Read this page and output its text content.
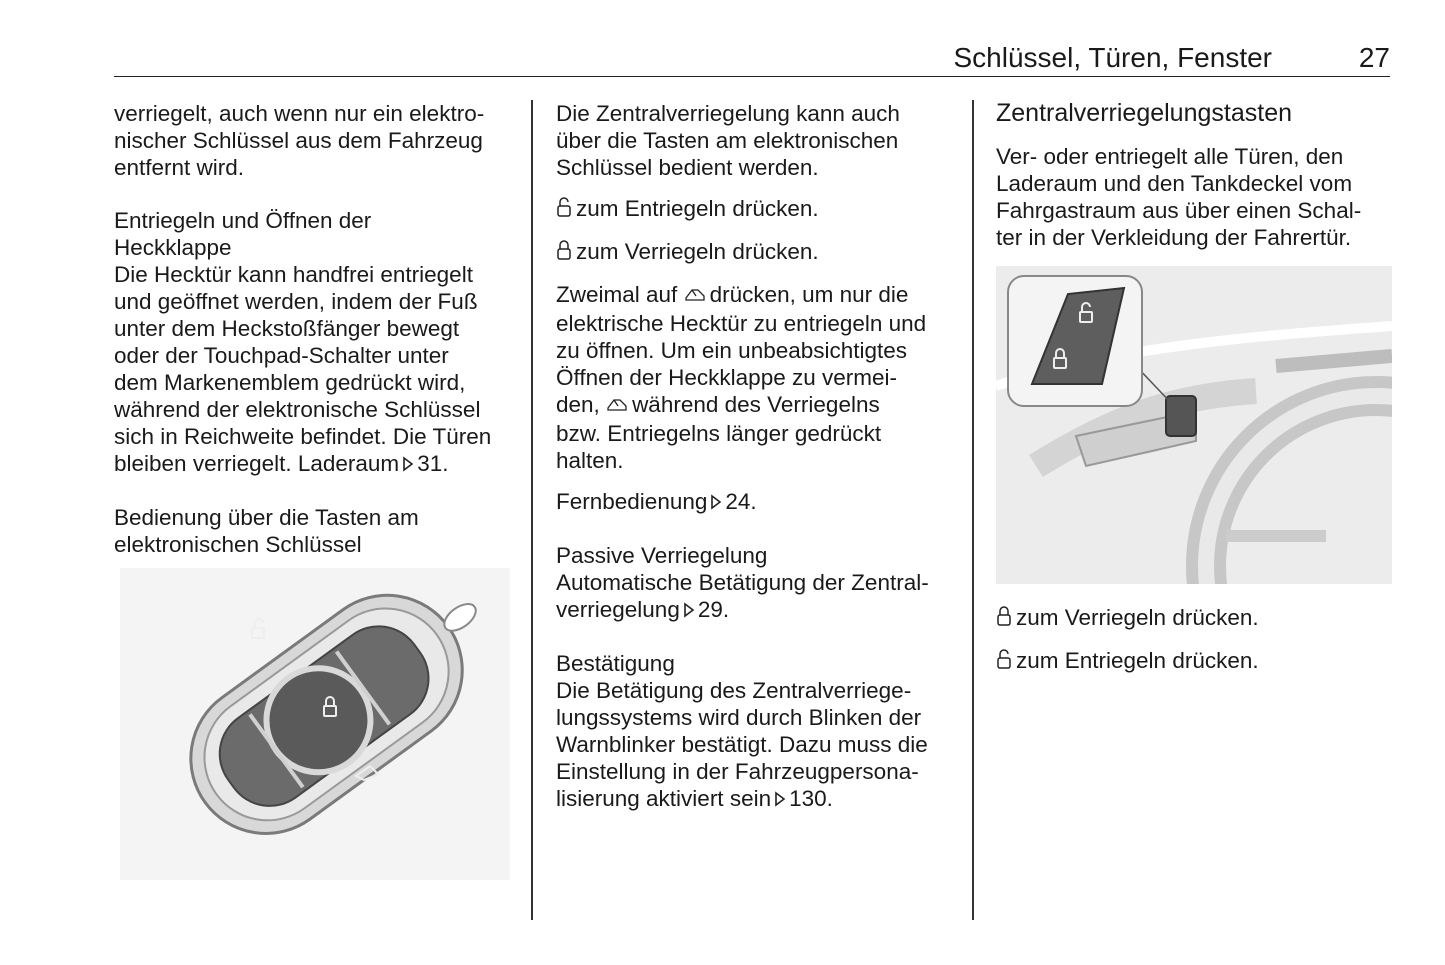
Schlüssel, Türen, Fenster	27

verriegelt, auch wenn nur ein elektro-
nischer Schlüssel aus dem Fahrzeug
entfernt wird.

Entriegeln und Öffnen der
Heckklappe

Die Hecktür kann handfrei entriegelt
und geöffnet werden, indem der Fuß
unter dem Heckstoßfänger bewegt
oder der Touchpad-Schalter unter
dem Markenemblem gedrückt wird,
während der elektronische Schlüssel
sich in Reichweite befindet. Die Türen
bleiben verriegelt. Laderaum 31.

Bedienung über die Tasten am
elektronischen Schlüssel

Die Zentralverriegelung kann auch
über die Tasten am elektronischen
Schlüssel bedient werden.

zum Entriegeln drücken.

zum Verriegeln drücken.

Zweimal auf drücken, um nur die
elektrische Hecktür zu entriegeln und
zu öffnen. Um ein unbeabsichtigtes
Öffnen der Heckklappe zu vermei-
den, während des Verriegelns
bzw. Entriegelns länger gedrückt
halten.

Fernbedienung 24.

Passive Verriegelung

Automatische Betätigung der Zentral-
verriegelung 29.

Bestätigung

Die Betätigung des Zentralverriege-
lungssystems wird durch Blinken der
Warnblinker bestätigt. Dazu muss die
Einstellung in der Fahrzeugpersona-
lisierung aktiviert sein 130.

Zentralverriegelungstasten

Ver- oder entriegelt alle Türen, den
Laderaum und den Tankdeckel vom
Fahrgastraum aus über einen Schal-
ter in der Verkleidung der Fahrertür.

zum Verriegeln drücken.

zum Entriegeln drücken.
